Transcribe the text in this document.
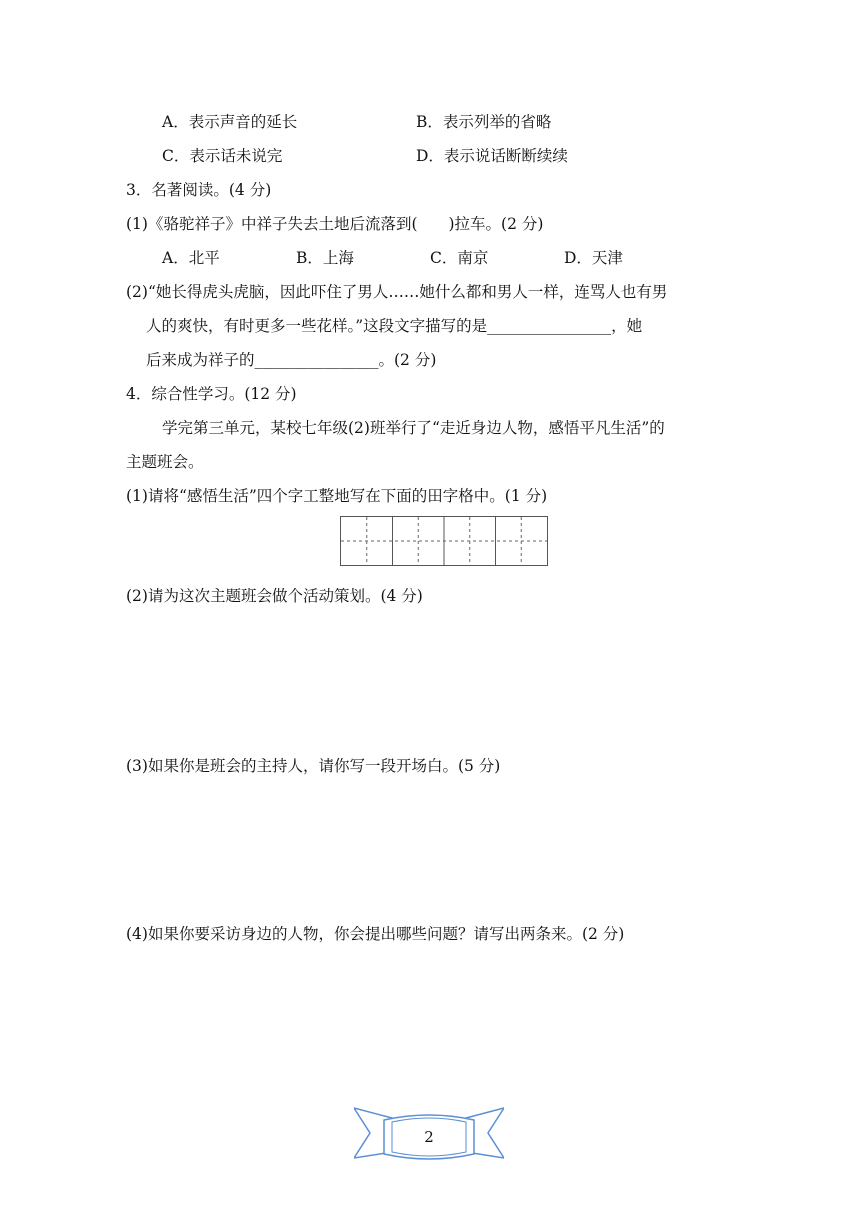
A．表示声音的延长	B．表示列举的省略
C．表示话未说完	D．表示说话断断续续
3．名著阅读。(4 分)
(1)《骆驼祥子》中祥子失去土地后流落到(　　)拉车。(2 分)
A．北平	B．上海	C．南京	D．天津
(2)“她长得虎头虎脑，因此吓住了男人……她什么都和男人一样，连骂人也有男
人的爽快，有时更多一些花样。”这段文字描写的是________________，她
后来成为祥子的________________。(2 分)
4．综合性学习。(12 分)
学完第三单元，某校七年级(2)班举行了“走近身边人物，感悟平凡生活”的
主题班会。
(1)请将“感悟生活”四个字工整地写在下面的田字格中。(1 分)
(2)请为这次主题班会做个活动策划。(4 分)
(3)如果你是班会的主持人，请你写一段开场白。(5 分)
(4)如果你要采访身边的人物，你会提出哪些问题？请写出两条来。(2 分)
2
